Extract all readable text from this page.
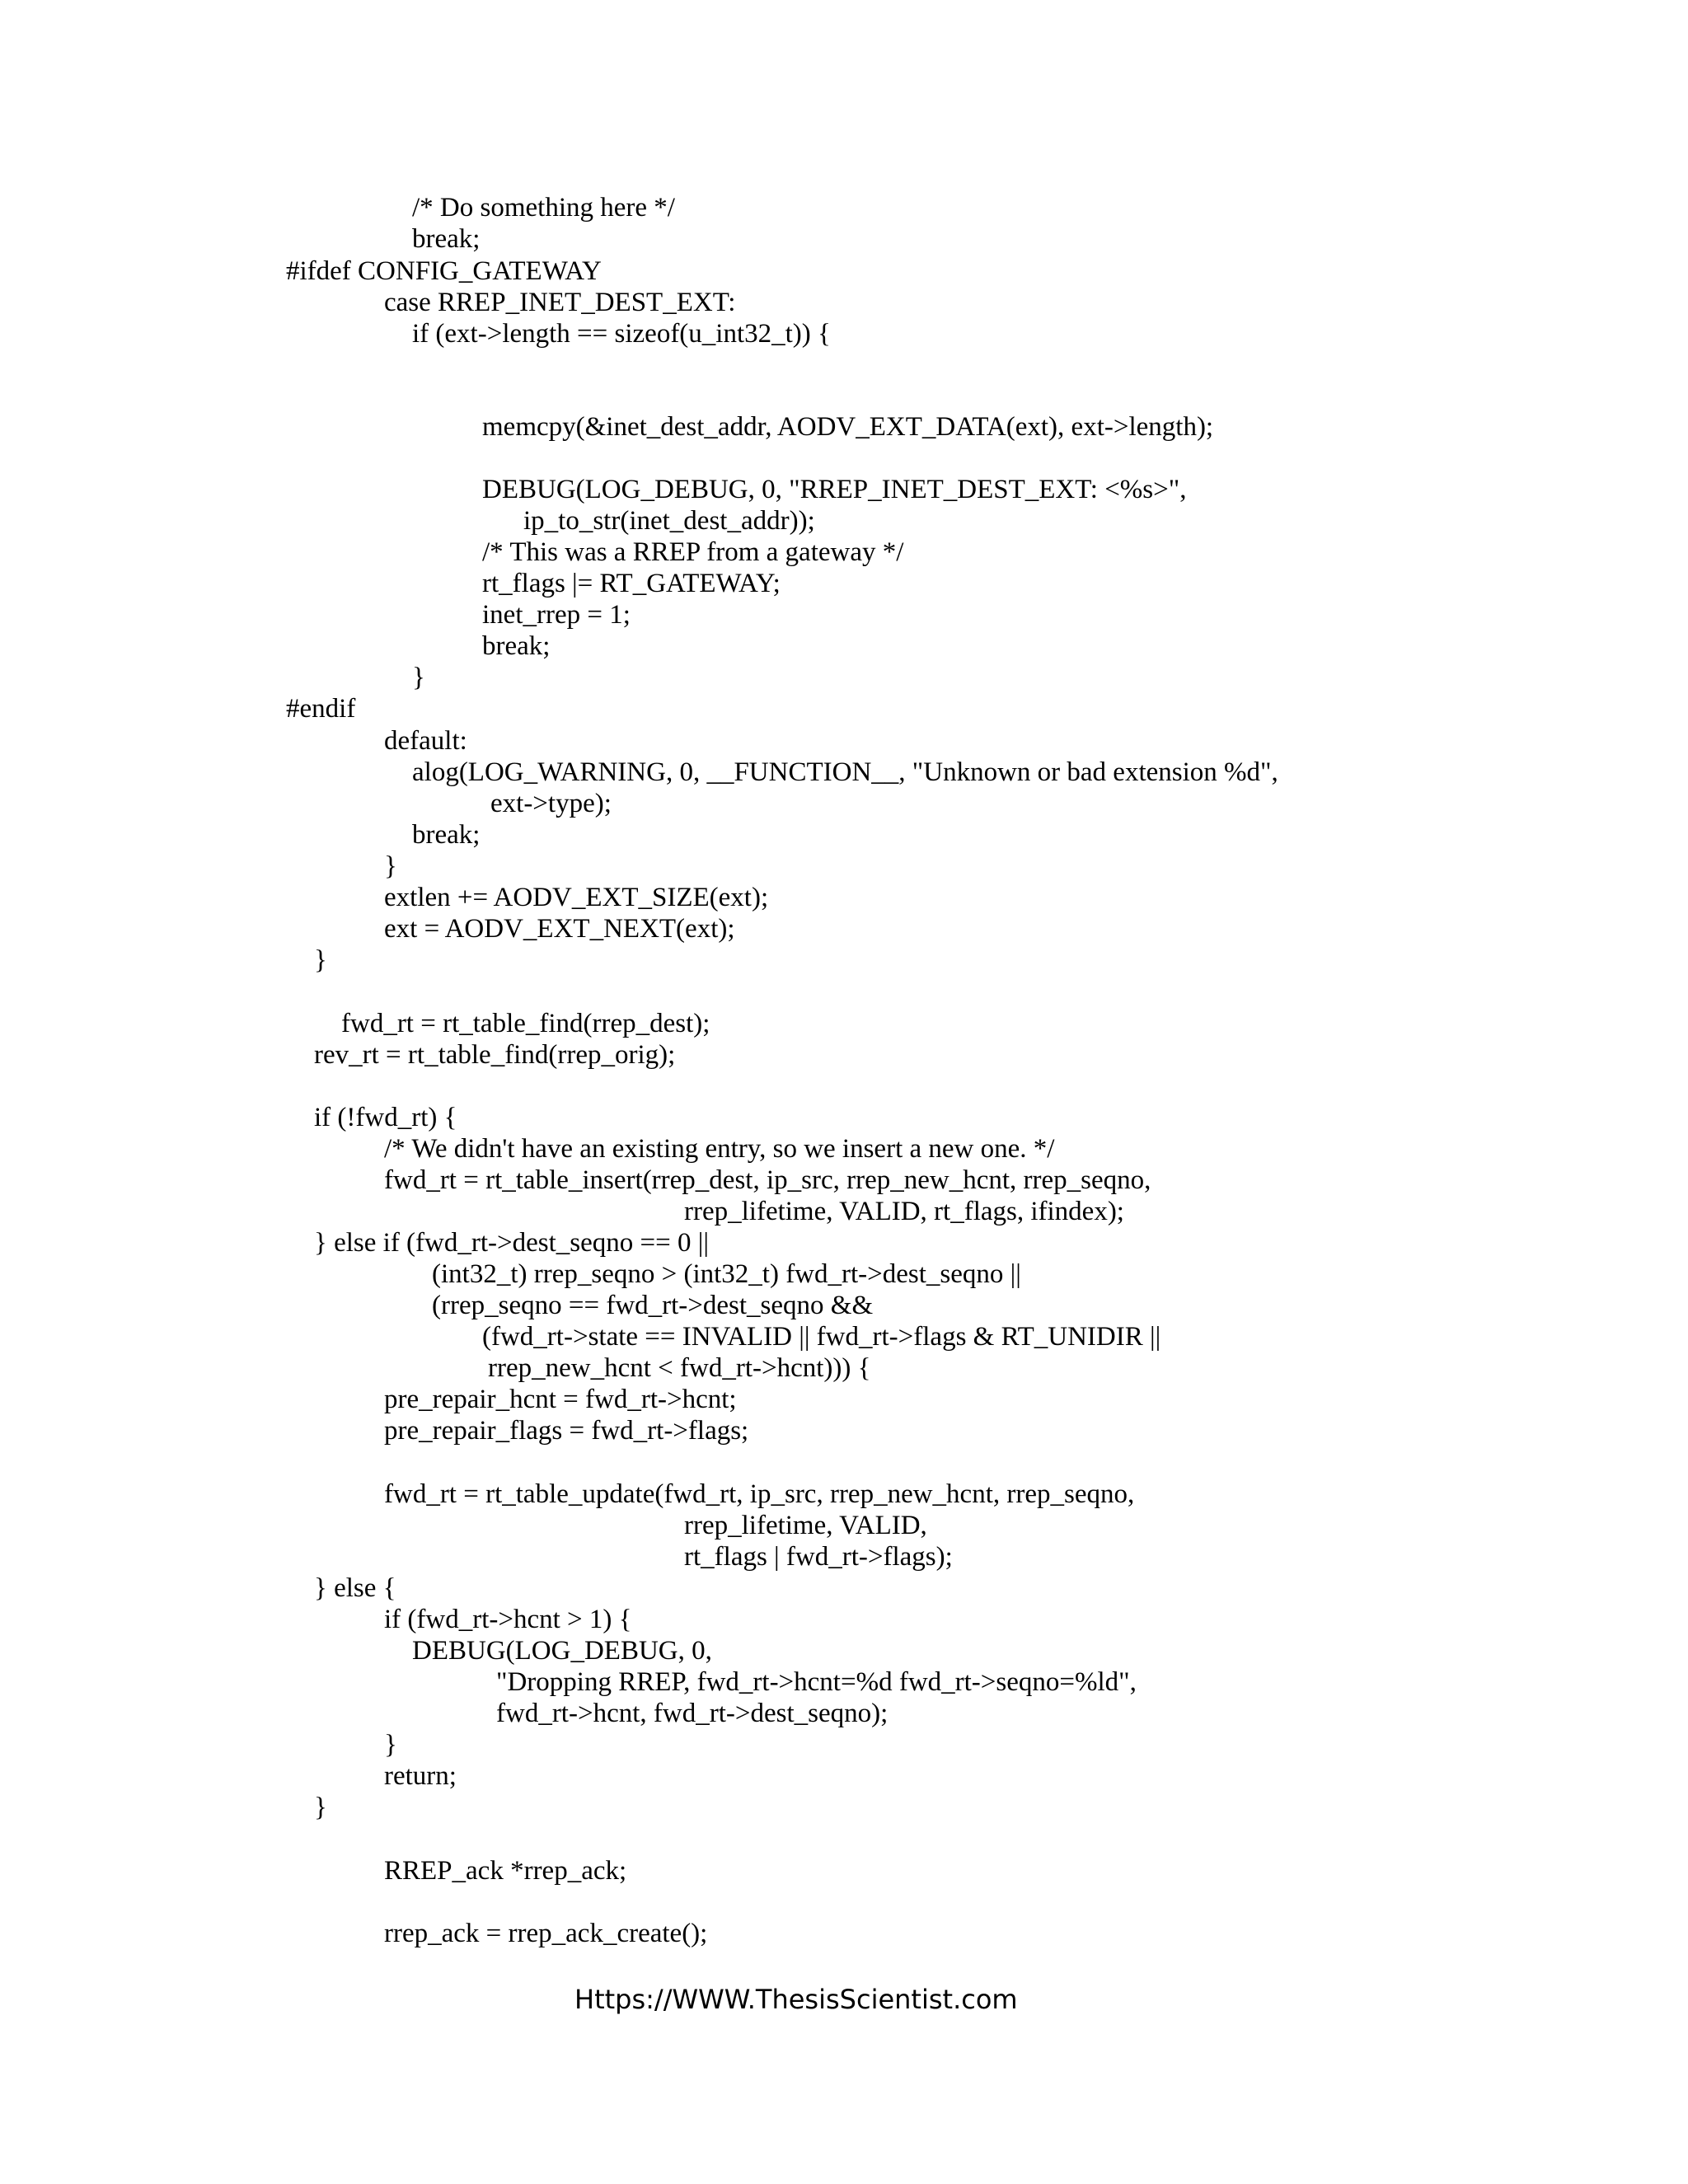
/* Do something here */
break;
#ifdef CONFIG_GATEWAY
case RREP_INET_DEST_EXT:
if (ext->length == sizeof(u_int32_t)) {
memcpy(&inet_dest_addr, AODV_EXT_DATA(ext), ext->length);
DEBUG(LOG_DEBUG, 0, "RREP_INET_DEST_EXT: <%s>",
ip_to_str(inet_dest_addr));
/* This was a RREP from a gateway */
rt_flags |= RT_GATEWAY;
inet_rrep = 1;
break;
}
#endif
default:
alog(LOG_WARNING, 0, __FUNCTION__, "Unknown or bad extension %d",
ext->type);
break;
}
extlen += AODV_EXT_SIZE(ext);
ext = AODV_EXT_NEXT(ext);
}
fwd_rt = rt_table_find(rrep_dest);
rev_rt = rt_table_find(rrep_orig);
if (!fwd_rt) {
/* We didn't have an existing entry, so we insert a new one. */
fwd_rt = rt_table_insert(rrep_dest, ip_src, rrep_new_hcnt, rrep_seqno,
rrep_lifetime, VALID, rt_flags, ifindex);
} else if (fwd_rt->dest_seqno == 0 ||
(int32_t) rrep_seqno > (int32_t) fwd_rt->dest_seqno ||
(rrep_seqno == fwd_rt->dest_seqno &&
(fwd_rt->state == INVALID || fwd_rt->flags & RT_UNIDIR ||
rrep_new_hcnt < fwd_rt->hcnt))) {
pre_repair_hcnt = fwd_rt->hcnt;
pre_repair_flags = fwd_rt->flags;
fwd_rt = rt_table_update(fwd_rt, ip_src, rrep_new_hcnt, rrep_seqno,
rrep_lifetime, VALID,
rt_flags | fwd_rt->flags);
} else {
if (fwd_rt->hcnt > 1) {
DEBUG(LOG_DEBUG, 0,
"Dropping RREP, fwd_rt->hcnt=%d fwd_rt->seqno=%ld",
fwd_rt->hcnt, fwd_rt->dest_seqno);
}
return;
}
RREP_ack *rrep_ack;
rrep_ack = rrep_ack_create();
Https://WWW.ThesisScientist.com
